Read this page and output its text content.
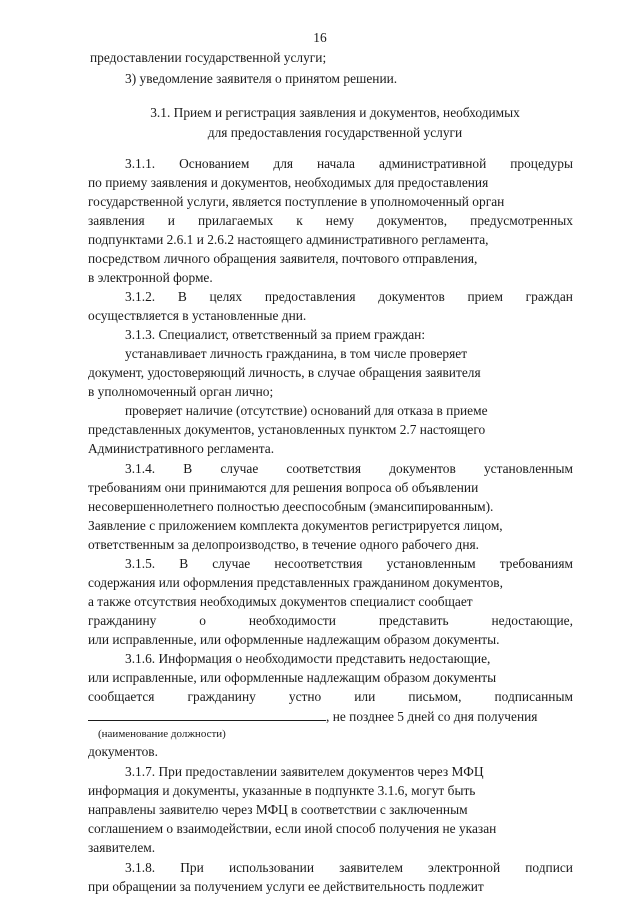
16
предоставлении государственной услуги;
3) уведомление заявителя о принятом решении.
3.1. Прием и регистрация заявления и документов, необходимых
для предоставления государственной услуги
3.1.1. Основанием для начала административной процедуры
по приему заявления и документов, необходимых для предоставления
государственной услуги, является поступление в уполномоченный орган
заявления и прилагаемых к нему документов, предусмотренных
подпунктами 2.6.1 и 2.6.2 настоящего административного регламента,
посредством личного обращения заявителя, почтового отправления,
в электронной форме.
3.1.2. В целях предоставления документов прием граждан
осуществляется в установленные дни.
3.1.3. Специалист, ответственный за прием граждан:
устанавливает личность гражданина, в том числе проверяет
документ, удостоверяющий личность, в случае обращения заявителя
в уполномоченный орган лично;
проверяет наличие (отсутствие) оснований для отказа в приеме
представленных документов, установленных пунктом 2.7 настоящего
Административного регламента.
3.1.4. В случае соответствия документов установленным
требованиям они принимаются для решения вопроса об объявлении
несовершеннолетнего полностью дееспособным (эмансипированным).
Заявление с приложением комплекта документов регистрируется лицом,
ответственным за делопроизводство, в течение одного рабочего дня.
3.1.5. В случае несоответствия установленным требованиям
содержания или оформления представленных гражданином документов,
а также отсутствия необходимых документов специалист сообщает
гражданину	о	необходимости	представить	недостающие,
или исправленные, или оформленные надлежащим образом документы.
3.1.6. Информация о необходимости представить недостающие,
или исправленные, или оформленные надлежащим образом документы
сообщается гражданину устно или письмом, подписанным
, не позднее 5 дней со дня получения
(наименование должности)
документов.
3.1.7. При предоставлении заявителем документов через МФЦ
информация и документы, указанные в подпункте 3.1.6, могут быть
направлены заявителю через МФЦ в соответствии с заключенным
соглашением о взаимодействии, если иной способ получения не указан
заявителем.
3.1.8. При использовании заявителем электронной подписи
при обращении за получением услуги ее действительность подлежит
